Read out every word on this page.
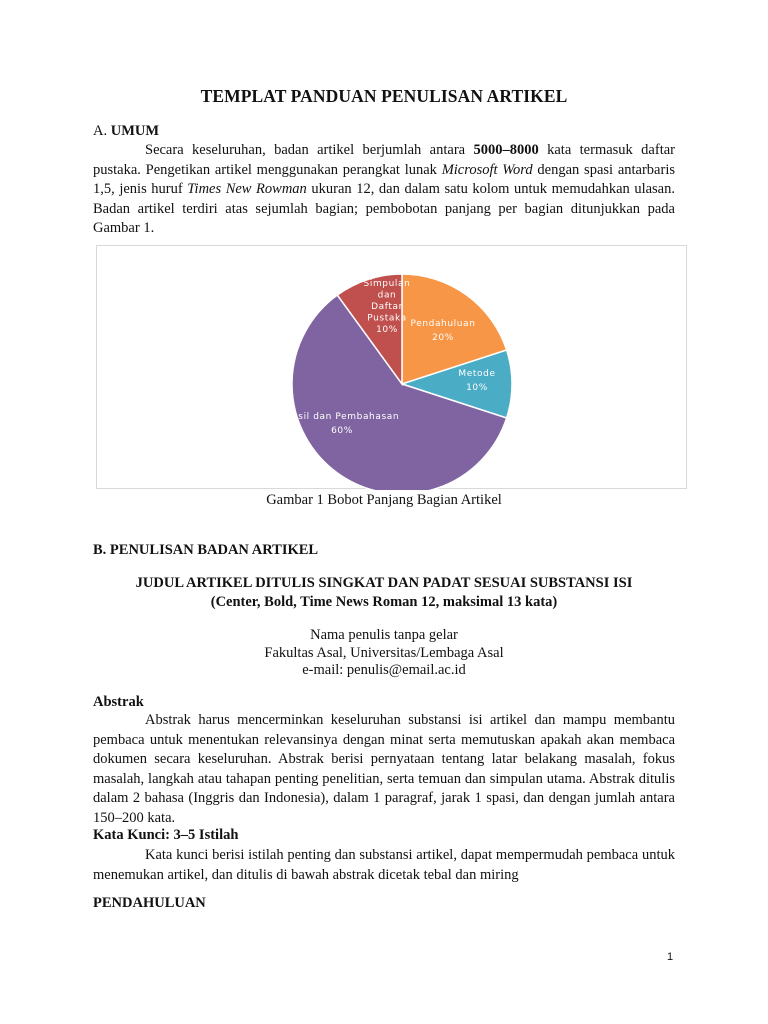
TEMPLAT PANDUAN PENULISAN ARTIKEL
A. UMUM

Secara keseluruhan, badan artikel berjumlah antara 5000–8000 kata termasuk daftar pustaka. Pengetikan artikel menggunakan perangkat lunak Microsoft Word dengan spasi antarbaris 1,5, jenis huruf Times New Rowman ukuran 12, dan dalam satu kolom untuk memudahkan ulasan. Badan artikel terdiri atas sejumlah bagian; pembobotan panjang per bagian ditunjukkan pada Gambar 1.

Pendahuluan 20%
Metode 10%
Hasil dan Pembahasan 60%
Simpulan dan Daftar Pustaka 10%
Gambar 1 Bobot Panjang Bagian Artikel
B. PENULISAN BADAN ARTIKEL
JUDUL ARTIKEL DITULIS SINGKAT DAN PADAT SESUAI SUBSTANSI ISI
(Center, Bold, Time News Roman 12, maksimal 13 kata)
Nama penulis tanpa gelar
Fakultas Asal, Universitas/Lembaga Asal
e-mail: penulis@email.ac.id
Abstrak

Abstrak harus mencerminkan keseluruhan substansi isi artikel dan mampu membantu pembaca untuk menentukan relevansinya dengan minat serta memutuskan apakah akan membaca dokumen secara keseluruhan. Abstrak berisi pernyataan tentang latar belakang masalah, fokus masalah, langkah atau tahapan penting penelitian, serta temuan dan simpulan utama. Abstrak ditulis dalam 2 bahasa (Inggris dan Indonesia), dalam 1 paragraf, jarak 1 spasi, dan dengan jumlah antara 150–200 kata.

Kata Kunci: 3–5 Istilah

Kata kunci berisi istilah penting dan substansi artikel, dapat mempermudah pembaca untuk menemukan artikel, dan ditulis di bawah abstrak dicetak tebal dan miring

PENDAHULUAN
1
